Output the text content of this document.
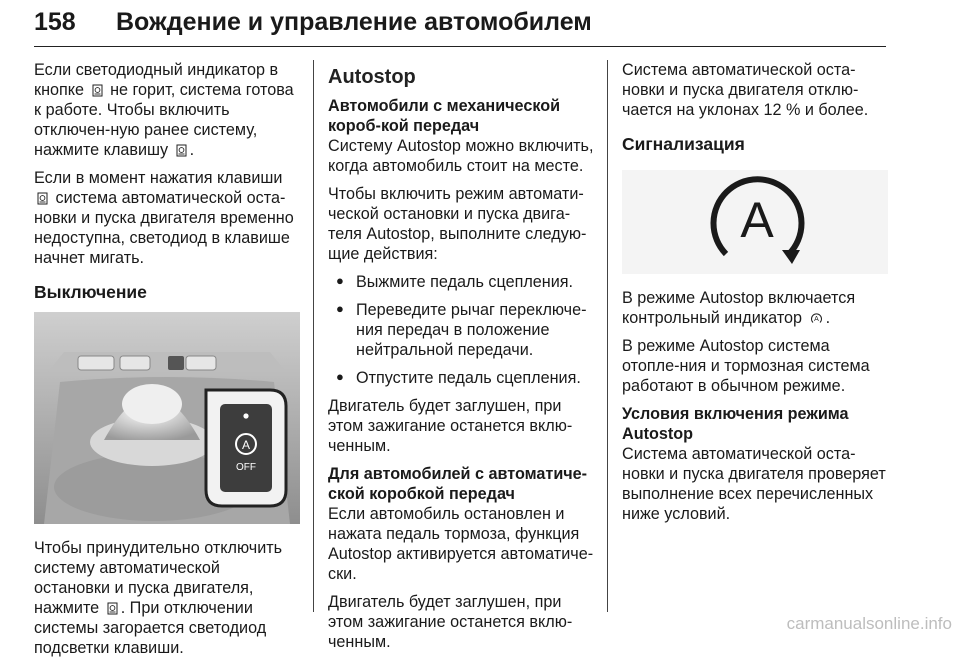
158 Вождение и управление автомобилем

Если светодиодный индикатор в кнопке не горит, система готова к работе. Чтобы включить отключен-ную ранее систему, нажмите клавишу .

Если в момент нажатия клавиши  система автоматической оста-новки и пуска двигателя временно недоступна, светодиод в клавише начнет мигать.

Выключение
A
OFF

Чтобы принудительно отключить систему автоматической остановки и пуска двигателя, нажмите . При отключении системы загорается светодиод подсветки клавиши.

Autostop
Автомобили с механической короб-кой передач

Систему Autostop можно включить, когда автомобиль стоит на месте.

Чтобы включить режим автомати-ческой остановки и пуска двига-теля Autostop, выполните следую-щие действия:

● Выжмите педаль сцепления.
● Переведите рычаг переключе-ния передач в положение нейтральной передачи.
● Отпустите педаль сцепления.

Двигатель будет заглушен, при этом зажигание останется вклю-ченным.

Для автомобилей с автоматиче-ской коробкой передач

Если автомобиль остановлен и нажата педаль тормоза, функция Autostop активируется автоматиче-ски.

Двигатель будет заглушен, при этом зажигание останется вклю-ченным.

Система автоматической оста-новки и пуска двигателя отклю-чается на уклонах 12 % и более.

Сигнализация
A

В режиме Autostop включается контрольный индикатор A .

В режиме Autostop система отопле-ния и тормозная система работают в обычном режиме.

Условия включения режима Autostop

Система автоматической оста-новки и пуска двигателя проверяет выполнение всех перечисленных ниже условий.

carmanualsonline.info
